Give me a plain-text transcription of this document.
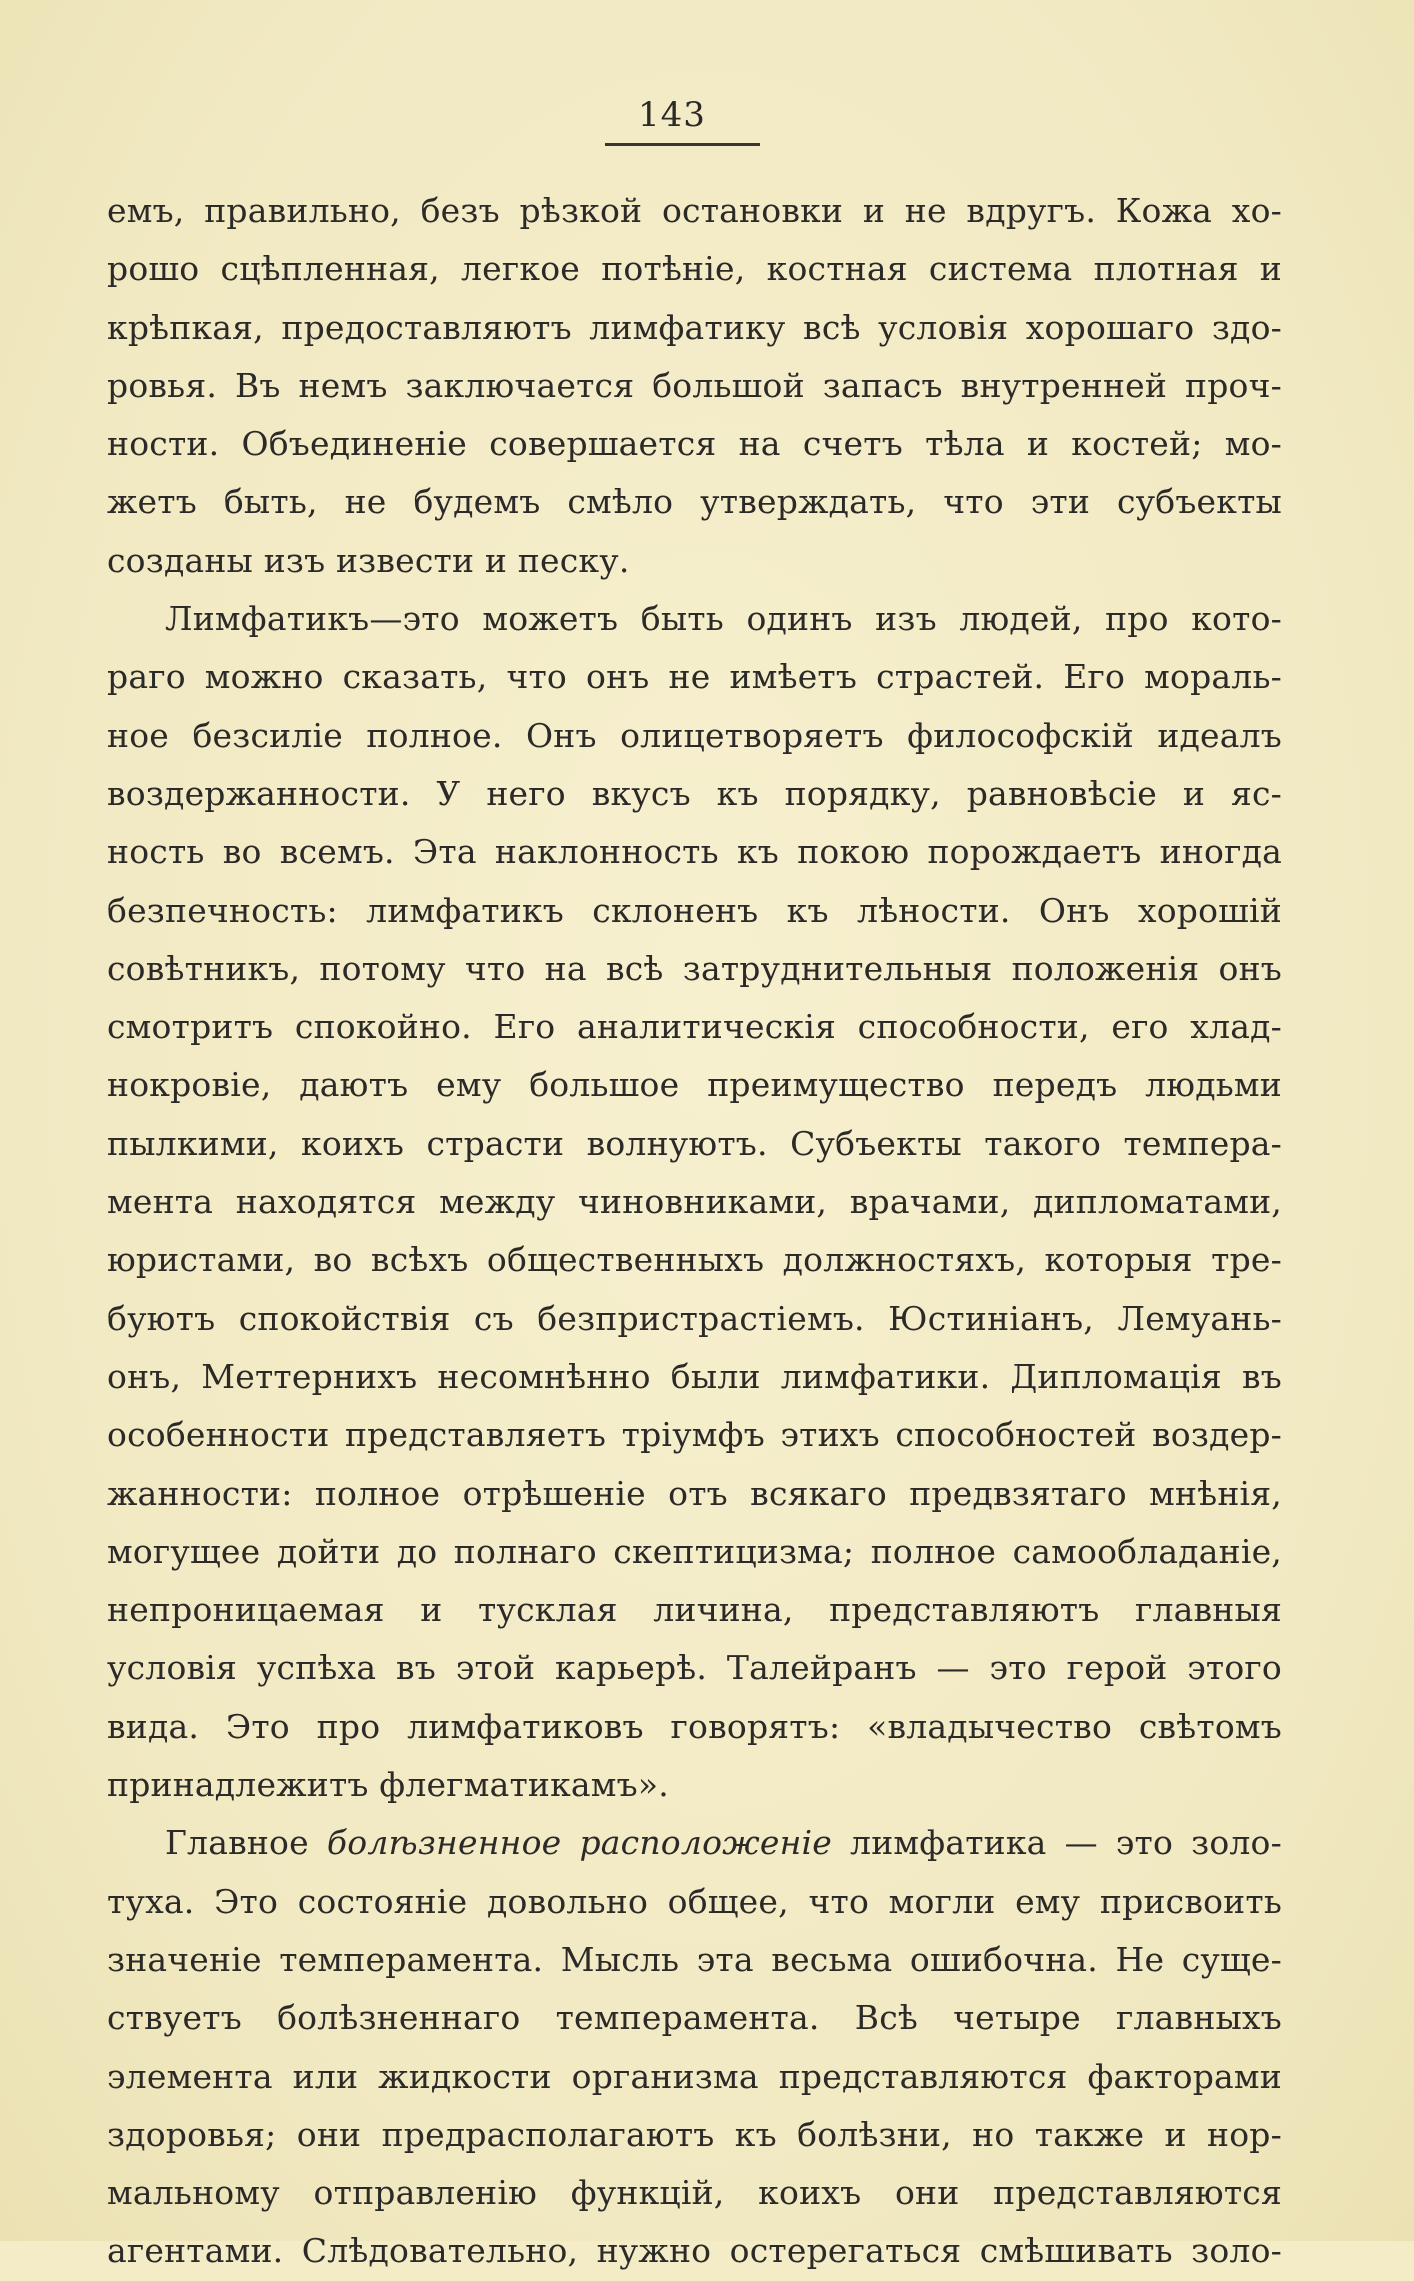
143
емъ, правильно, безъ рѣзкой остановки и не вдругъ. Кожа хо-
рошо сцѣпленная, легкое потѣніе, костная система плотная и
крѣпкая, предоставляютъ лимфатику всѣ условія хорошаго здо-
ровья. Въ немъ заключается большой запасъ внутренней проч-
ности. Объединеніе совершается на счетъ тѣла и костей; мо-
жетъ быть, не будемъ смѣло утверждать, что эти субъекты
созданы изъ извести и песку.
Лимфатикъ—это можетъ быть одинъ изъ людей, про кото-
раго можно сказать, что онъ не имѣетъ страстей. Его мораль-
ное безсиліе полное. Онъ олицетворяетъ философскій идеалъ
воздержанности. У него вкусъ къ порядку, равновѣсіе и яс-
ность во всемъ. Эта наклонность къ покою порождаетъ иногда
безпечность: лимфатикъ склоненъ къ лѣности. Онъ хорошій
совѣтникъ, потому что на всѣ затруднительныя положенія онъ
смотритъ спокойно. Его аналитическія способности, его хлад-
нокровіе, даютъ ему большое преимущество передъ людьми
пылкими, коихъ страсти волнуютъ. Субъекты такого темпера-
мента находятся между чиновниками, врачами, дипломатами,
юристами, во всѣхъ общественныхъ должностяхъ, которыя тре-
буютъ спокойствія съ безпристрастіемъ. Юстиніанъ, Лемуань-
онъ, Меттернихъ несомнѣнно были лимфатики. Дипломація въ
особенности представляетъ тріумфъ этихъ способностей воздер-
жанности: полное отрѣшеніе отъ всякаго предвзятаго мнѣнія,
могущее дойти до полнаго скептицизма; полное самообладаніе,
непроницаемая и тусклая личина, представляютъ главныя
условія успѣха въ этой карьерѣ. Талейранъ — это герой этого
вида. Это про лимфатиковъ говорятъ: «владычество свѣтомъ
принадлежитъ флегматикамъ».
Главное болѣзненное расположеніе лимфатика — это золо-
туха. Это состояніе довольно общее, что могли ему присвоить
значеніе темперамента. Мысль эта весьма ошибочна. Не суще-
ствуетъ болѣзненнаго темперамента. Всѣ четыре главныхъ
элемента или жидкости организма представляются факторами
здоровья; они предрасполагаютъ къ болѣзни, но также и нор-
мальному отправленію функцій, коихъ они представляются
агентами. Слѣдовательно, нужно остерегаться смѣшивать золо-
